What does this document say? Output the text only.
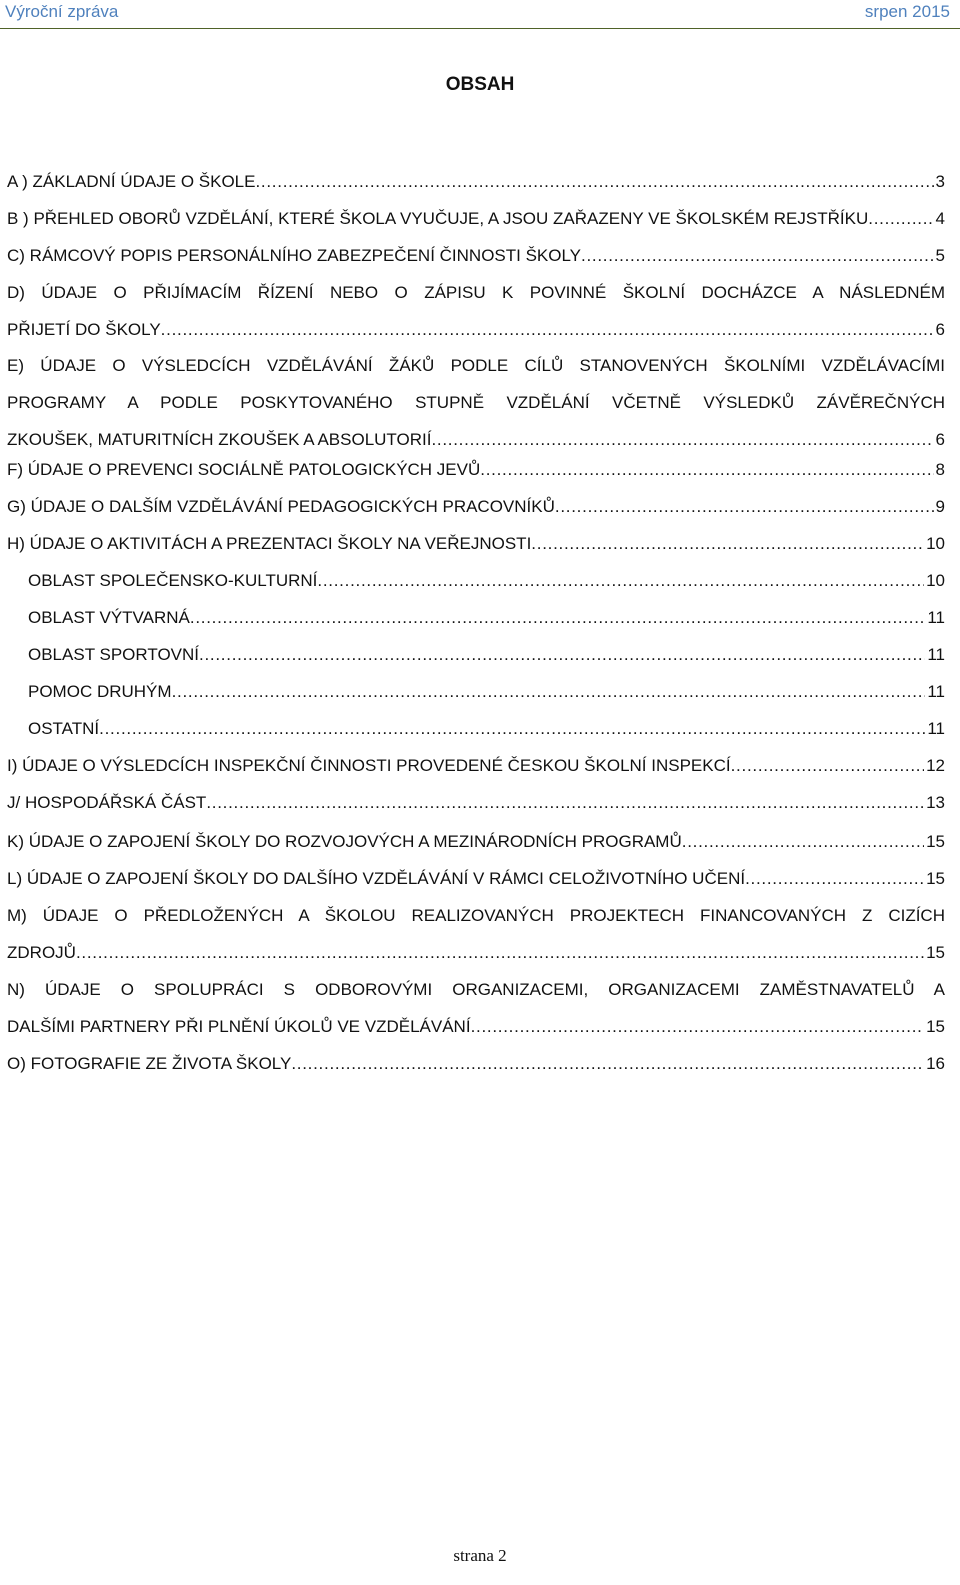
Výroční zpráva	srpen 2015
OBSAH
A ) ZÁKLADNÍ ÚDAJE O ŠKOLE . . .	3
B ) PŘEHLED OBORŮ VZDĚLÁNÍ, KTERÉ ŠKOLA VYUČUJE, A JSOU ZAŘAZENY VE ŠKOLSKÉM REJSTŘÍKU . . .	4
C) RÁMCOVÝ POPIS PERSONÁLNÍHO ZABEZPEČENÍ ČINNOSTI ŠKOLY . . .	5
D) ÚDAJE O PŘIJÍMACÍM ŘÍZENÍ NEBO O ZÁPISU K POVINNÉ ŠKOLNÍ DOCHÁZCE A NÁSLEDNÉM
PŘIJETÍ DO ŠKOLY . . .	6
E) ÚDAJE O VÝSLEDCÍCH VZDĚLÁVÁNÍ ŽÁKŮ PODLE CÍLŮ STANOVENÝCH ŠKOLNÍMI VZDĚLÁVACÍMI
PROGRAMY A PODLE POSKYTOVANÉHO STUPNĚ VZDĚLÁNÍ VČETNĚ VÝSLEDKŮ ZÁVĚREČNÝCH
ZKOUŠEK, MATURITNÍCH ZKOUŠEK A ABSOLUTORIÍ . . .	6
F) ÚDAJE O PREVENCI SOCIÁLNĚ PATOLOGICKÝCH JEVŮ . . .	8
G) ÚDAJE O DALŠÍM VZDĚLÁVÁNÍ PEDAGOGICKÝCH PRACOVNÍKŮ . . .	9
H) ÚDAJE O AKTIVITÁCH A PREZENTACI ŠKOLY NA VEŘEJNOSTI . . .	10
OBLAST SPOLEČENSKO-KULTURNÍ . . .	10
OBLAST VÝTVARNÁ . . .	11
OBLAST SPORTOVNÍ . . .	11
POMOC DRUHÝM . . .	11
OSTATNÍ . . .	11
I) ÚDAJE O VÝSLEDCÍCH INSPEKČNÍ ČINNOSTI PROVEDENÉ ČESKOU ŠKOLNÍ INSPEKCÍ . . .	12
J/ HOSPODÁŘSKÁ ČÁST . . .	13
K) ÚDAJE O ZAPOJENÍ ŠKOLY DO ROZVOJOVÝCH A MEZINÁRODNÍCH PROGRAMŮ . . .	15
L) ÚDAJE O ZAPOJENÍ ŠKOLY DO DALŠÍHO VZDĚLÁVÁNÍ V RÁMCI CELOŽIVOTNÍHO UČENÍ . . .	15
M) ÚDAJE O PŘEDLOŽENÝCH A ŠKOLOU REALIZOVANÝCH PROJEKTECH FINANCOVANÝCH Z CIZÍCH
ZDROJŮ . . .	15
N) ÚDAJE O SPOLUPRÁCI S ODBOROVÝMI ORGANIZACEMI, ORGANIZACEMI ZAMĚSTNAVATELŮ A
DALŠÍMI PARTNERY PŘI PLNĚNÍ ÚKOLŮ VE VZDĚLÁVÁNÍ . . .	15
O) FOTOGRAFIE ZE ŽIVOTA ŠKOLY . . .	16
strana 2
